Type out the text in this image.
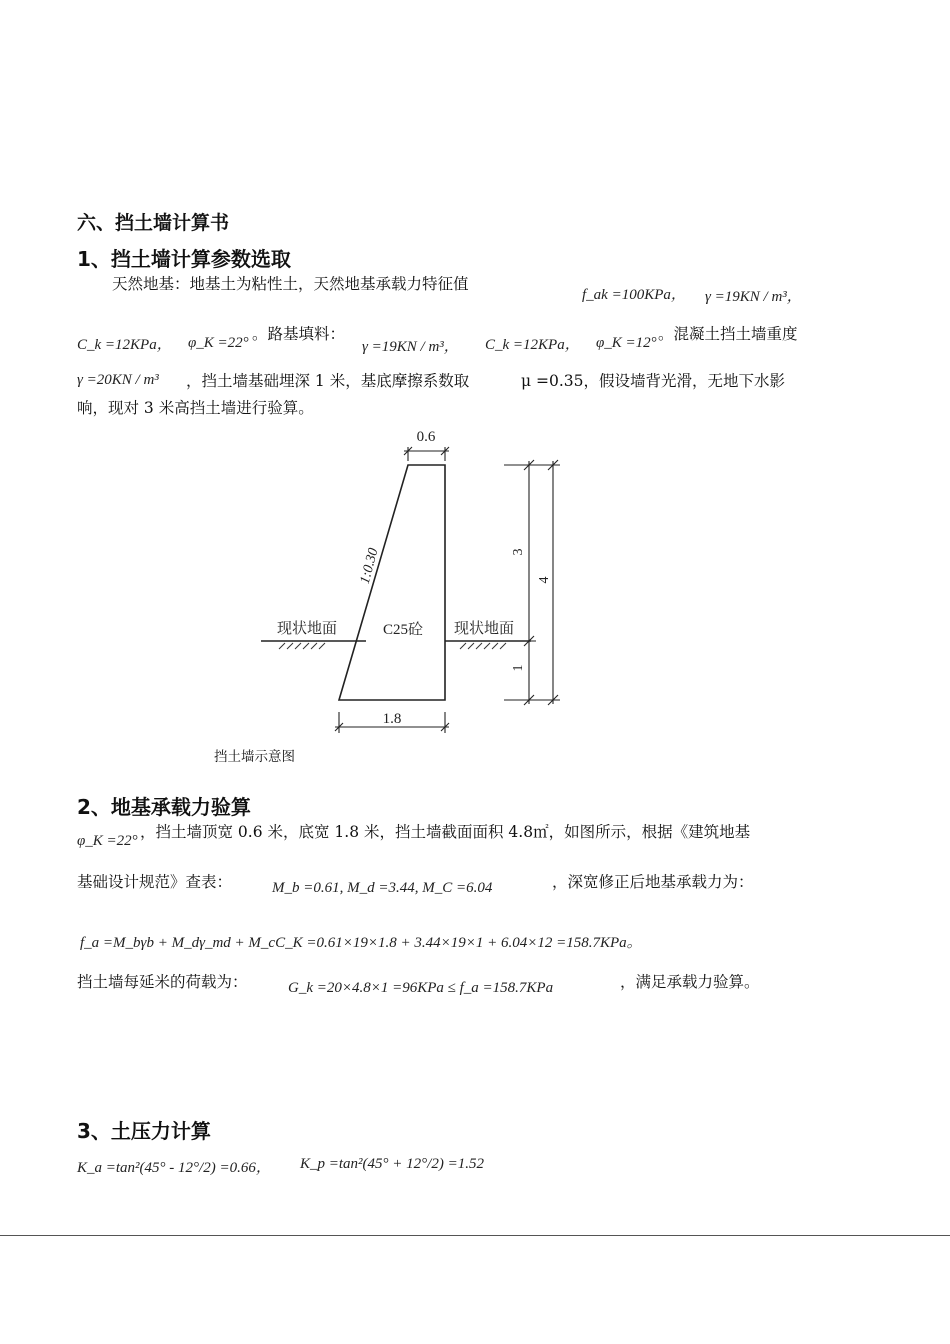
六、挡土墙计算书
1、挡土墙计算参数选取
天然地基：地基土为粘性土，天然地基承载力特征值
f_ak =100KPa， γ =19KN / m³，
C_k =12KPa， φ_K =22° 。路基填料：
γ =19KN / m³， C_k =12KPa， φ_K =12° 。混凝土挡土墙重度
γ =20KN / m³ ，挡土墙基础埋深 1 米，基底摩擦系数取	μ =0.35，假设墙背光滑，无地下水影
响，现对 3 米高挡土墙进行验算。
0.6
1.8
1:0.30
C25砼
现状地面	现状地面
3
4
1
挡土墙示意图
2、地基承载力验算
φ_K =22° ，挡土墙顶宽 0.6 米，底宽 1.8 米，挡土墙截面面积 4.8㎡，如图所示，根据《建筑地基
基础设计规范》查表：	M_b =0.61, M_d =3.44, M_C =6.04	，深宽修正后地基承载力为：
f_a =M_bγb + M_dγ_md + M_cC_K =0.61×19×1.8 + 3.44×19×1 + 6.04×12 =158.7KPa。
挡土墙每延米的荷载为：	G_k =20×4.8×1 =96KPa ≤ f_a =158.7KPa	，满足承载力验算。
3、土压力计算
K_a =tan²(45° - 12°/2) =0.66， K_p =tan²(45° + 12°/2) =1.52
